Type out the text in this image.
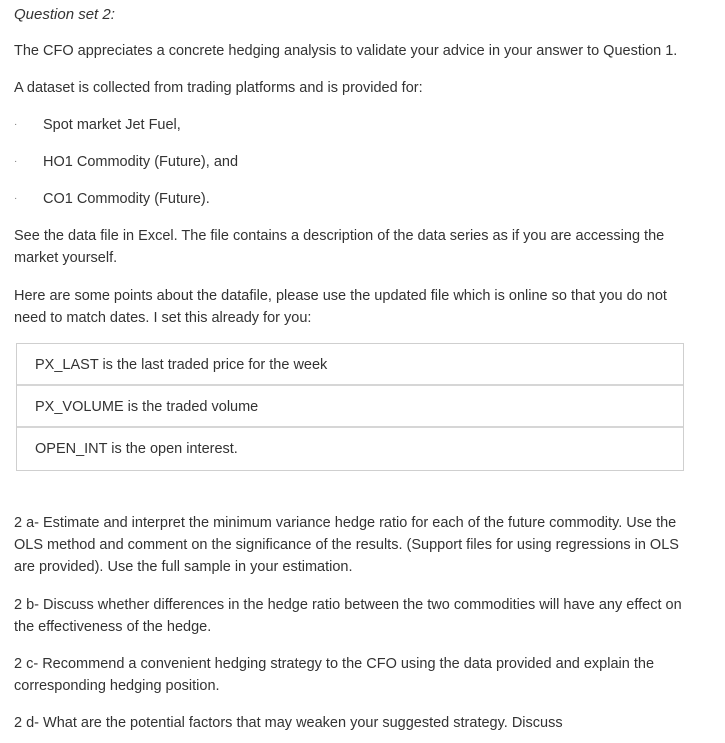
Question set 2:
The CFO appreciates a concrete hedging analysis to validate your advice in your answer to Question 1.
A dataset is collected from trading platforms and is provided for:
· Spot market Jet Fuel,
· HO1 Commodity (Future), and
· CO1 Commodity (Future).
See the data file in Excel. The file contains a description of the data series as if you are accessing the market yourself.
Here are some points about the datafile, please use the updated file which is online so that you do not need to match dates. I set this already for you:
PX_LAST is the last traded price for the week
PX_VOLUME is the traded volume
OPEN_INT is the open interest.
2 a- Estimate and interpret the minimum variance hedge ratio for each of the future commodity. Use the OLS method and comment on the significance of the results. (Support files for using regressions in OLS are provided). Use the full sample in your estimation.
2 b- Discuss whether differences in the hedge ratio between the two commodities will have any effect on the effectiveness of the hedge.
2 c- Recommend a convenient hedging strategy to the CFO using the data provided and explain the corresponding hedging position.
2 d- What are the potential factors that may weaken your suggested strategy. Discuss
